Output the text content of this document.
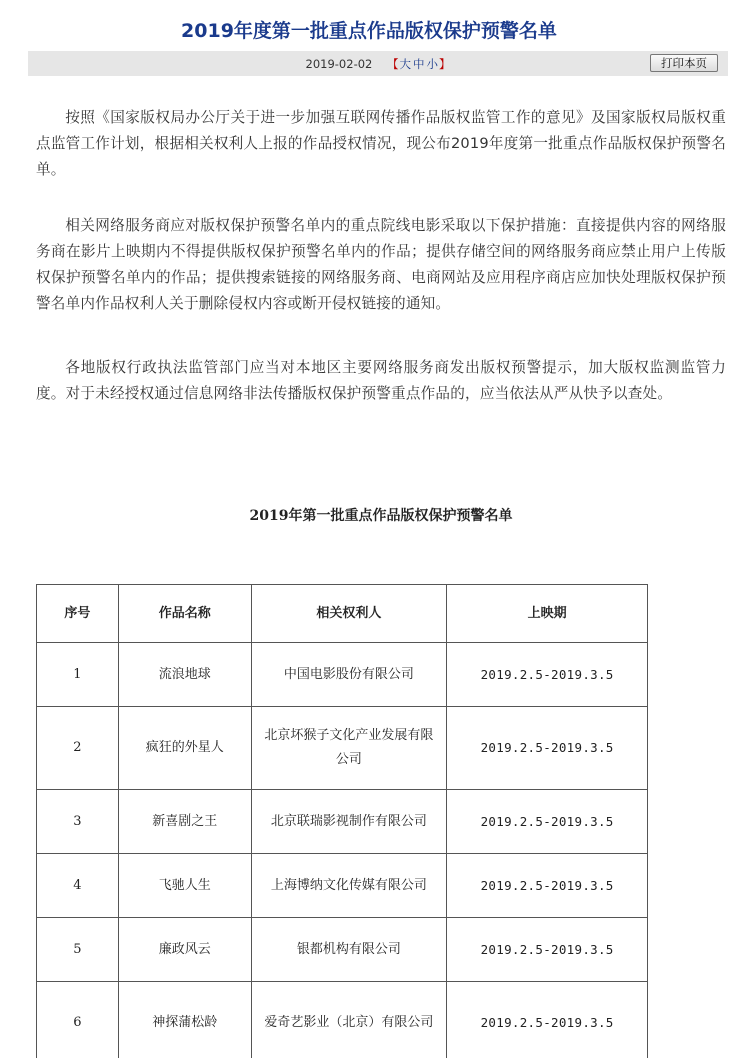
2019年度第一批重点作品版权保护预警名单
2019-02-02 【大 中 小】	打印本页

按照《国家版权局办公厅关于进一步加强互联网传播作品版权监管工作的意见》及国家版权局版权重点监管工作计划，根据相关权利人上报的作品授权情况，现公布2019年度第一批重点作品版权保护预警名单。

相关网络服务商应对版权保护预警名单内的重点院线电影采取以下保护措施：直接提供内容的网络服务商在影片上映期内不得提供版权保护预警名单内的作品；提供存储空间的网络服务商应禁止用户上传版权保护预警名单内的作品；提供搜索链接的网络服务商、电商网站及应用程序商店应加快处理版权保护预警名单内作品权利人关于删除侵权内容或断开侵权链接的通知。

各地版权行政执法监管部门应当对本地区主要网络服务商发出版权预警提示，加大版权监测监管力度。对于未经授权通过信息网络非法传播版权保护预警重点作品的，应当依法从严从快予以查处。

2019年第一批重点作品版权保护预警名单
序号	作品名称	相关权利人	上映期
1	流浪地球	中国电影股份有限公司	2019.2.5-2019.3.5
2	疯狂的外星人	北京坏猴子文化产业发展有限公司	2019.2.5-2019.3.5
3	新喜剧之王	北京联瑞影视制作有限公司	2019.2.5-2019.3.5
4	飞驰人生	上海博纳文化传媒有限公司	2019.2.5-2019.3.5
5	廉政风云	银都机构有限公司	2019.2.5-2019.3.5
6	神探蒲松龄	爱奇艺影业（北京）有限公司	2019.2.5-2019.3.5
